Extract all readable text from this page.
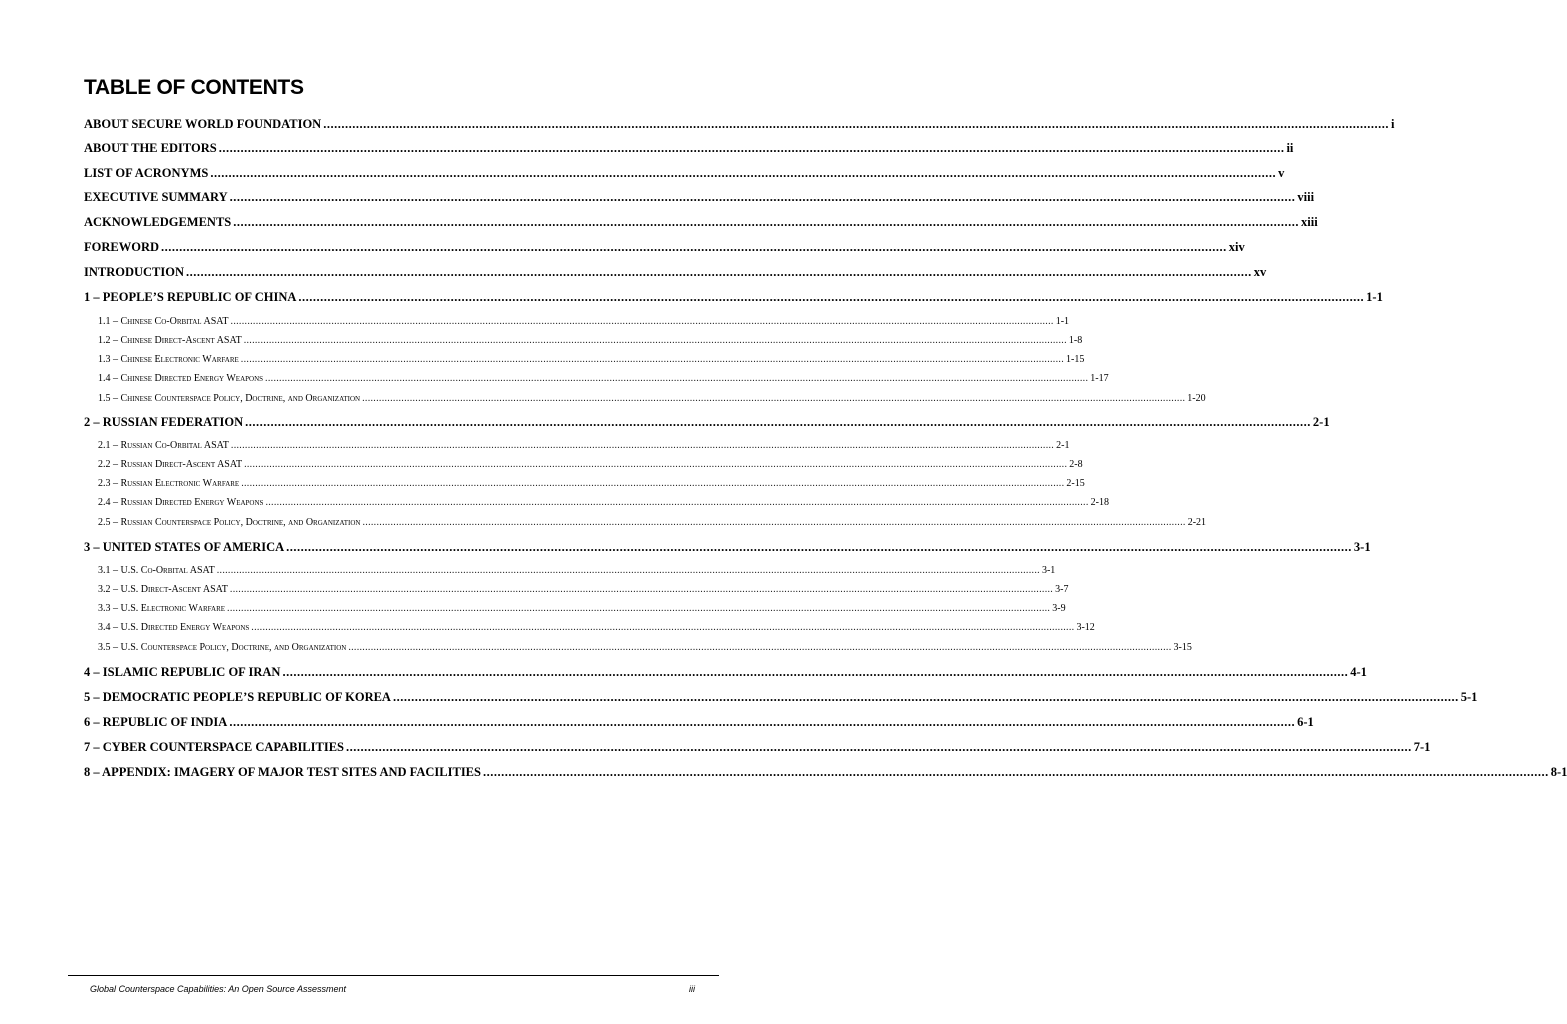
TABLE OF CONTENTS
ABOUT SECURE WORLD FOUNDATION ...................................................................................................................................................................................................................................................................................................... i
ABOUT THE EDITORS ...................................................................................................................................................................................................................................................................................................... ii
LIST OF ACRONYMS ...................................................................................................................................................................................................................................................................................................... v
EXECUTIVE SUMMARY ...................................................................................................................................................................................................................................................................................................... viii
ACKNOWLEDGEMENTS ...................................................................................................................................................................................................................................................................................................... xiii
FOREWORD ...................................................................................................................................................................................................................................................................................................... xiv
INTRODUCTION ...................................................................................................................................................................................................................................................................................................... xv
1 – PEOPLE’S REPUBLIC OF CHINA ...................................................................................................................................................................................................................................................................................................... 1-1
1.1 – Chinese Co-Orbital ASAT ...................................................................................................................................................................................................................................................................................................... 1-1
1.2 – Chinese Direct-Ascent ASAT ...................................................................................................................................................................................................................................................................................................... 1-8
1.3 – Chinese Electronic Warfare ...................................................................................................................................................................................................................................................................................................... 1-15
1.4 – Chinese Directed Energy Weapons ...................................................................................................................................................................................................................................................................................................... 1-17
1.5 – Chinese Counterspace Policy, Doctrine, and Organization ...................................................................................................................................................................................................................................................................................................... 1-20
2 – RUSSIAN FEDERATION ...................................................................................................................................................................................................................................................................................................... 2-1
2.1 – Russian Co-Orbital ASAT ...................................................................................................................................................................................................................................................................................................... 2-1
2.2 – Russian Direct-Ascent ASAT ...................................................................................................................................................................................................................................................................................................... 2-8
2.3 – Russian Electronic Warfare ...................................................................................................................................................................................................................................................................................................... 2-15
2.4 – Russian Directed Energy Weapons ...................................................................................................................................................................................................................................................................................................... 2-18
2.5 – Russian Counterspace Policy, Doctrine, and Organization ...................................................................................................................................................................................................................................................................................................... 2-21
3 – UNITED STATES OF AMERICA ...................................................................................................................................................................................................................................................................................................... 3-1
3.1 – U.S. Co-Orbital ASAT ...................................................................................................................................................................................................................................................................................................... 3-1
3.2 – U.S. Direct-Ascent ASAT ...................................................................................................................................................................................................................................................................................................... 3-7
3.3 – U.S. Electronic Warfare ...................................................................................................................................................................................................................................................................................................... 3-9
3.4 – U.S. Directed Energy Weapons ...................................................................................................................................................................................................................................................................................................... 3-12
3.5 – U.S. Counterspace Policy, Doctrine, and Organization ...................................................................................................................................................................................................................................................................................................... 3-15
4 – ISLAMIC REPUBLIC OF IRAN ...................................................................................................................................................................................................................................................................................................... 4-1
5 – DEMOCRATIC PEOPLE’S REPUBLIC OF KOREA ...................................................................................................................................................................................................................................................................................................... 5-1
6 – REPUBLIC OF INDIA ...................................................................................................................................................................................................................................................................................................... 6-1
7 – CYBER COUNTERSPACE CAPABILITIES ...................................................................................................................................................................................................................................................................................................... 7-1
8 – APPENDIX: IMAGERY OF MAJOR TEST SITES AND FACILITIES ...................................................................................................................................................................................................................................................................................................... 8-1
Global Counterspace Capabilities: An Open Source Assessment	iii
